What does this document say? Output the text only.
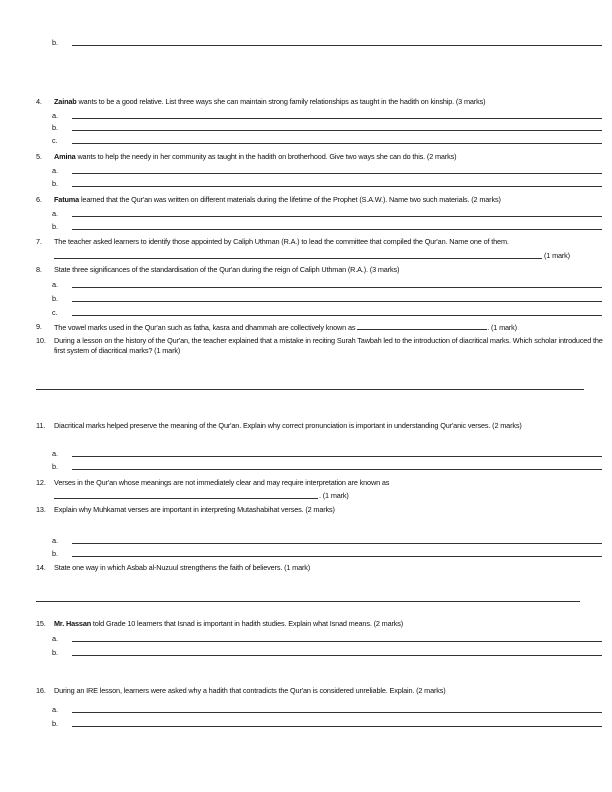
b.
4.	Zainab wants to be a good relative. List three ways she can maintain strong family relationships as taught in the hadith on kinship. (3 marks)
a.
b.
c.
5.	Amina wants to help the needy in her community as taught in the hadith on brotherhood. Give two ways she can do this. (2 marks)
a.
b.
6.	Fatuma learned that the Qur'an was written on different materials during the lifetime of the Prophet (S.A.W.). Name two such materials. (2 marks)
a.
b.
7.	The teacher asked learners to identify those appointed by Caliph Uthman (R.A.) to lead the committee that compiled the Qur'an. Name one of them.
(1 mark)
8.	State three significances of the standardisation of the Qur'an during the reign of Caliph Uthman (R.A.). (3 marks)
a.
b.
c.
9.	The vowel marks used in the Qur'an such as fatha, kasra and dhammah are collectively known as	. (1 mark)
10.	During a lesson on the history of the Qur'an, the teacher explained that a mistake in reciting Surah Tawbah led to the introduction of diacritical marks. Which scholar introduced the first system of diacritical marks? (1 mark)
11.	Diacritical marks helped preserve the meaning of the Qur'an. Explain why correct pronunciation is important in understanding Qur'anic verses. (2 marks)
a.
b.
12.	Verses in the Qur'an whose meanings are not immediately clear and may require interpretation are known as
. (1 mark)
13.	Explain why Muhkamat verses are important in interpreting Mutashabihat verses. (2 marks)
a.
b.
14.	State one way in which Asbab al-Nuzuul strengthens the faith of believers. (1 mark)
15.	Mr. Hassan told Grade 10 learners that Isnad is important in hadith studies. Explain what Isnad means. (2 marks)
a.
b.
16.	During an IRE lesson, learners were asked why a hadith that contradicts the Qur'an is considered unreliable. Explain. (2 marks)
a.
b.
